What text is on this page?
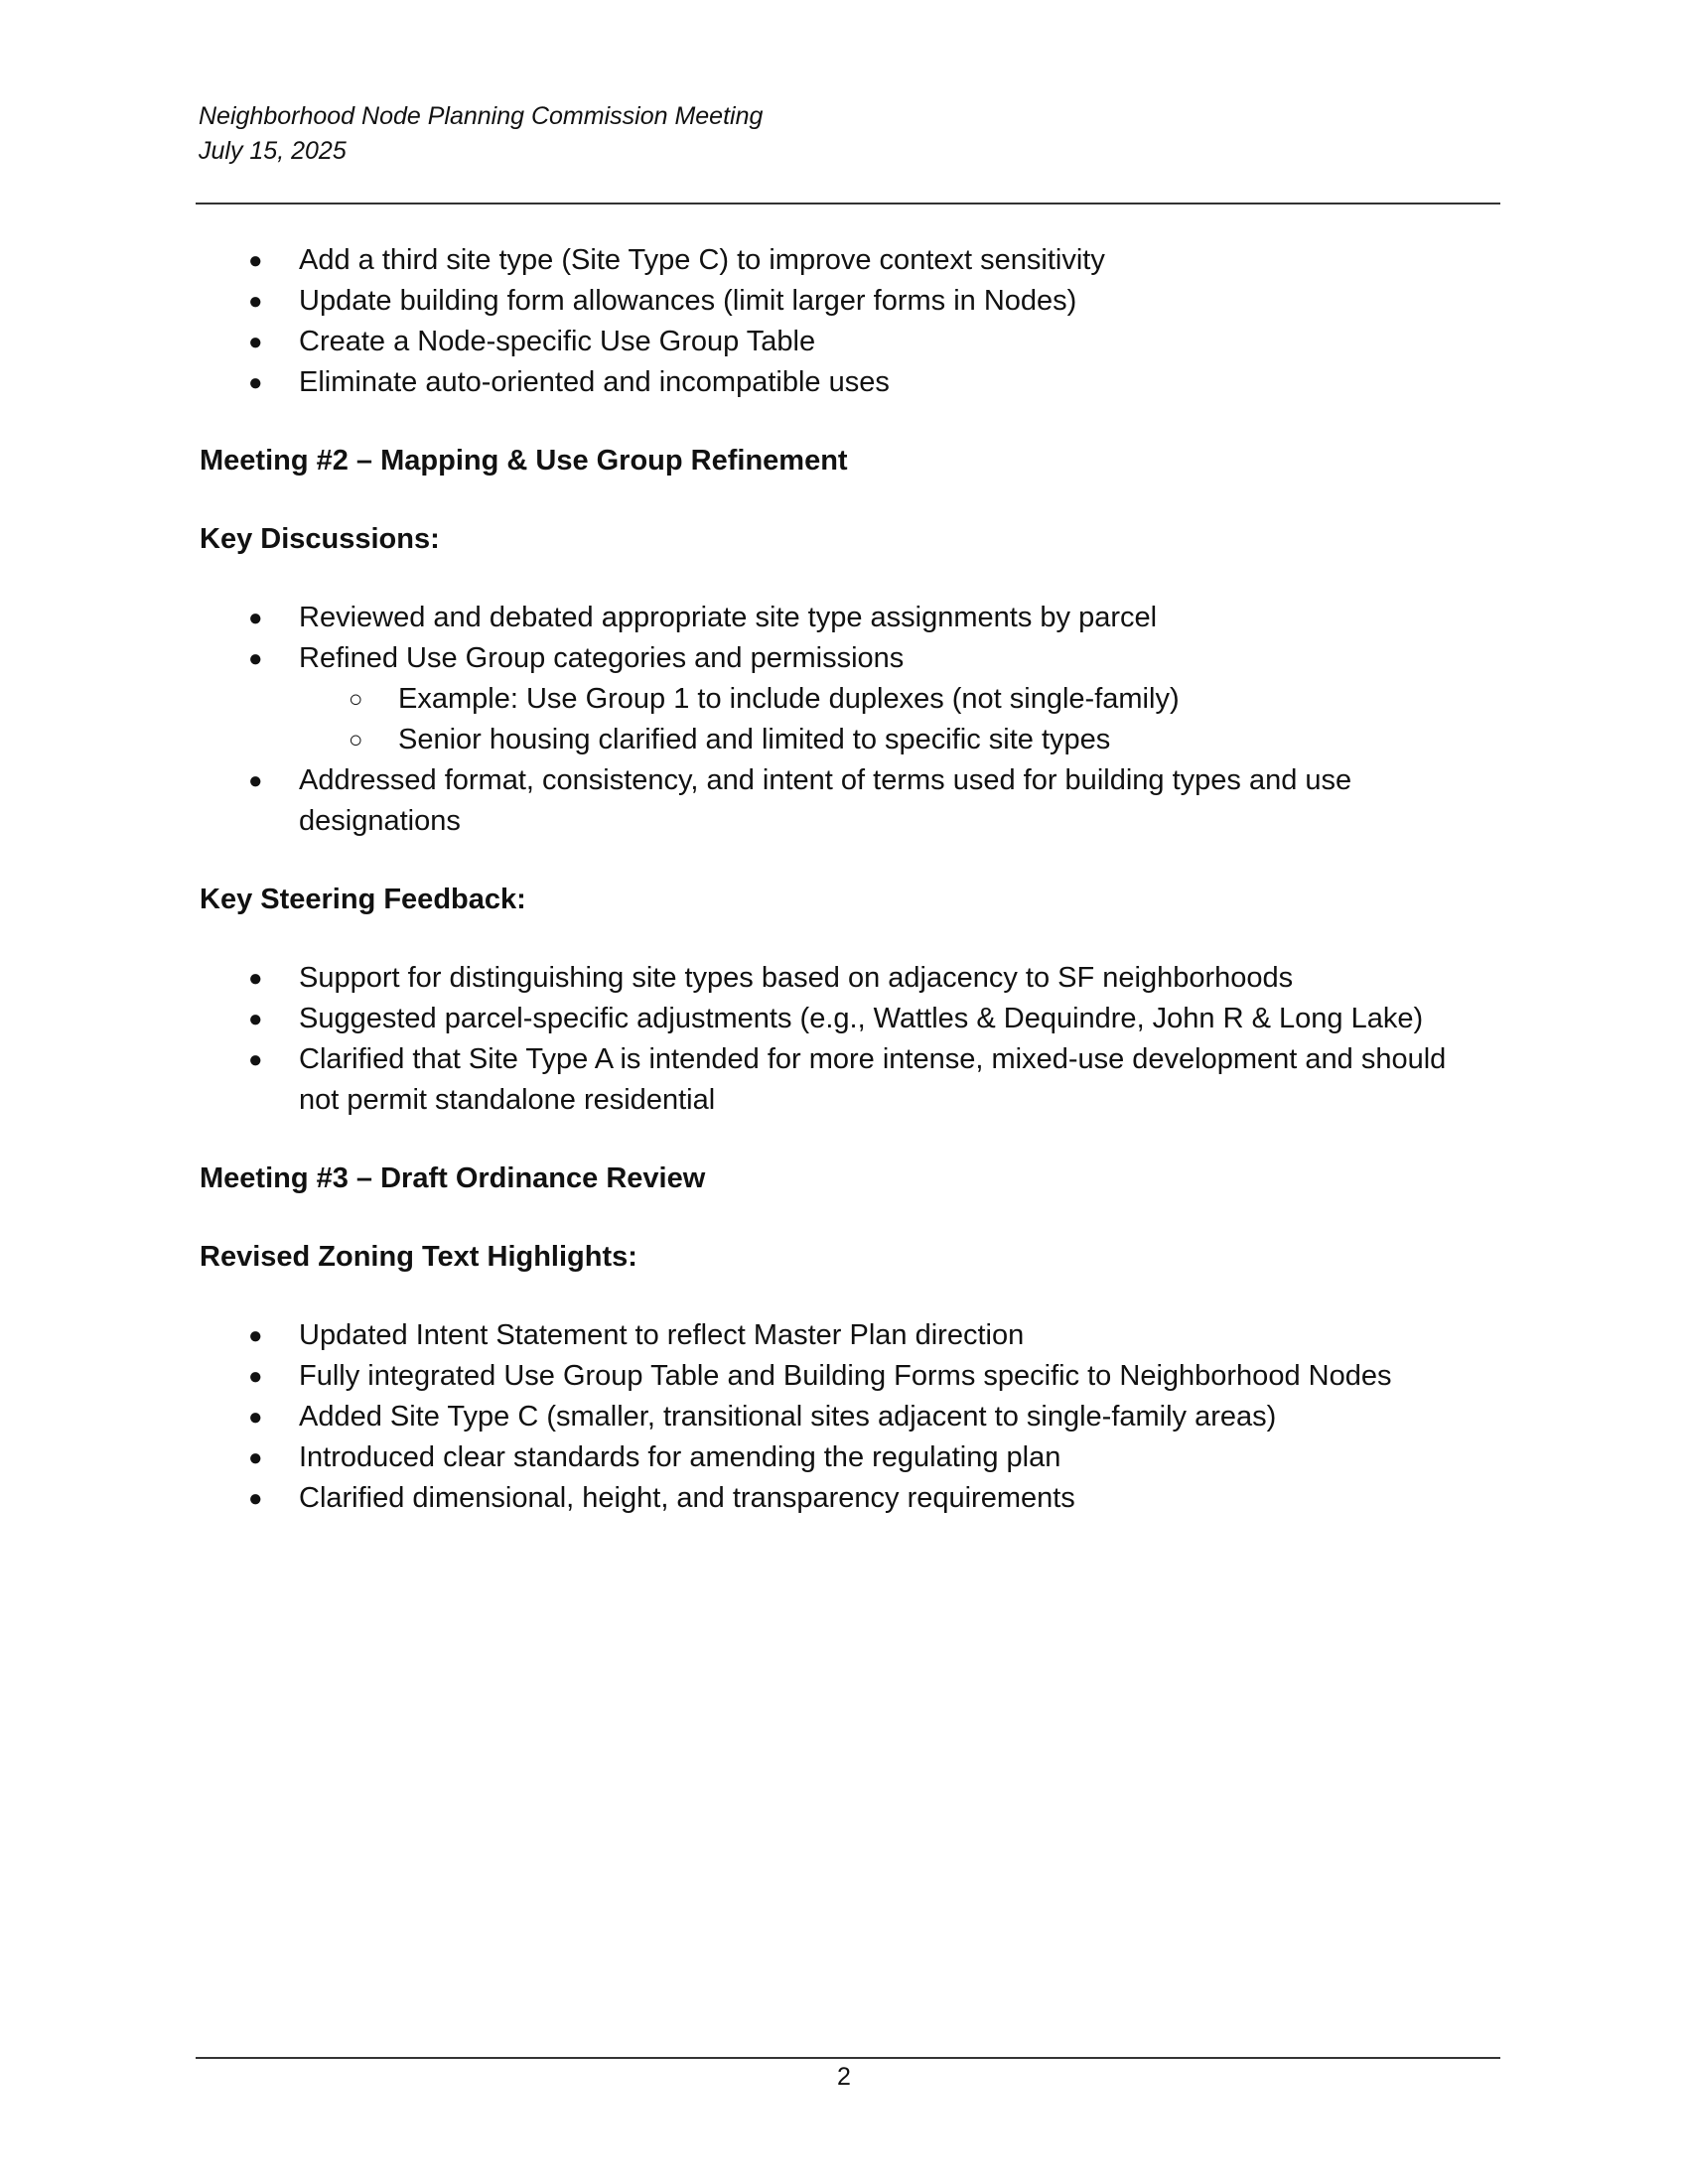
Neighborhood Node Planning Commission Meeting
July 15, 2025
● Add a third site type (Site Type C) to improve context sensitivity
● Update building form allowances (limit larger forms in Nodes)
● Create a Node-specific Use Group Table
● Eliminate auto-oriented and incompatible uses

Meeting #2 – Mapping & Use Group Refinement

Key Discussions:

● Reviewed and debated appropriate site type assignments by parcel
● Refined Use Group categories and permissions
○ Example: Use Group 1 to include duplexes (not single-family)
○ Senior housing clarified and limited to specific site types
● Addressed format, consistency, and intent of terms used for building types and use designations

Key Steering Feedback:

● Support for distinguishing site types based on adjacency to SF neighborhoods
● Suggested parcel-specific adjustments (e.g., Wattles & Dequindre, John R & Long Lake)
● Clarified that Site Type A is intended for more intense, mixed-use development and should not permit standalone residential

Meeting #3 – Draft Ordinance Review

Revised Zoning Text Highlights:

● Updated Intent Statement to reflect Master Plan direction
● Fully integrated Use Group Table and Building Forms specific to Neighborhood Nodes
● Added Site Type C (smaller, transitional sites adjacent to single-family areas)
● Introduced clear standards for amending the regulating plan
● Clarified dimensional, height, and transparency requirements
2
